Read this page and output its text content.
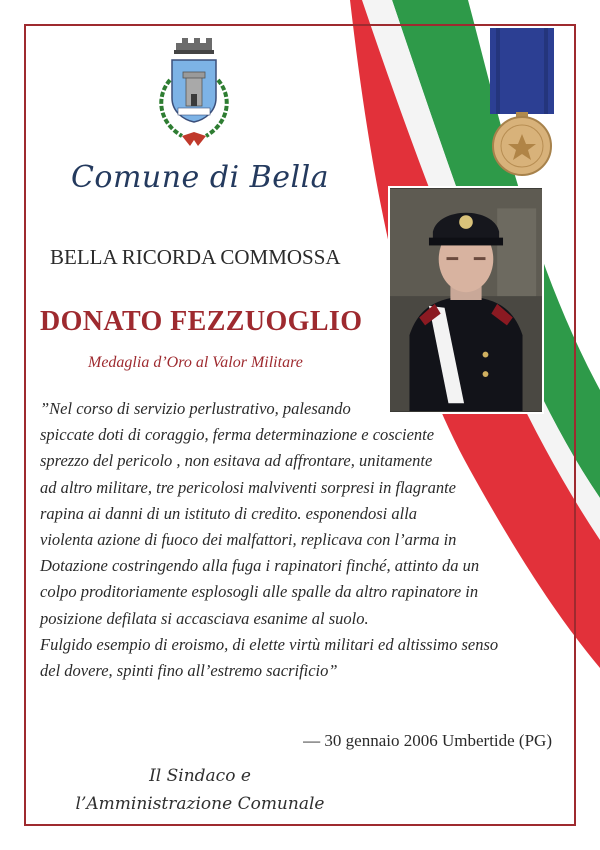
Comune di Bella
BELLA RICORDA COMMOSSA
DONATO FEZZUOGLIO
Medaglia d’Oro al Valor Militare
”Nel corso di servizio perlustrativo, palesando
spiccate doti di coraggio, ferma determinazione e cosciente
sprezzo del pericolo , non esitava ad affrontare, unitamente
ad altro militare, tre pericolosi malviventi sorpresi in flagrante
rapina ai danni di un istituto di credito. esponendosi alla
violenta azione di fuoco dei malfattori, replicava con l’arma in
Dotazione costringendo alla fuga i rapinatori finché, attinto da un
colpo proditoriamente esplosogli alle spalle da altro rapinatore in
posizione defilata si accasciava esanime al suolo.
Fulgido esempio di eroismo, di elette virtù militari ed altissimo senso
del dovere, spinti fino all’estremo sacrificio”
— 30 gennaio 2006 Umbertide (PG)
Il Sindaco e
l’Amministrazione Comunale
